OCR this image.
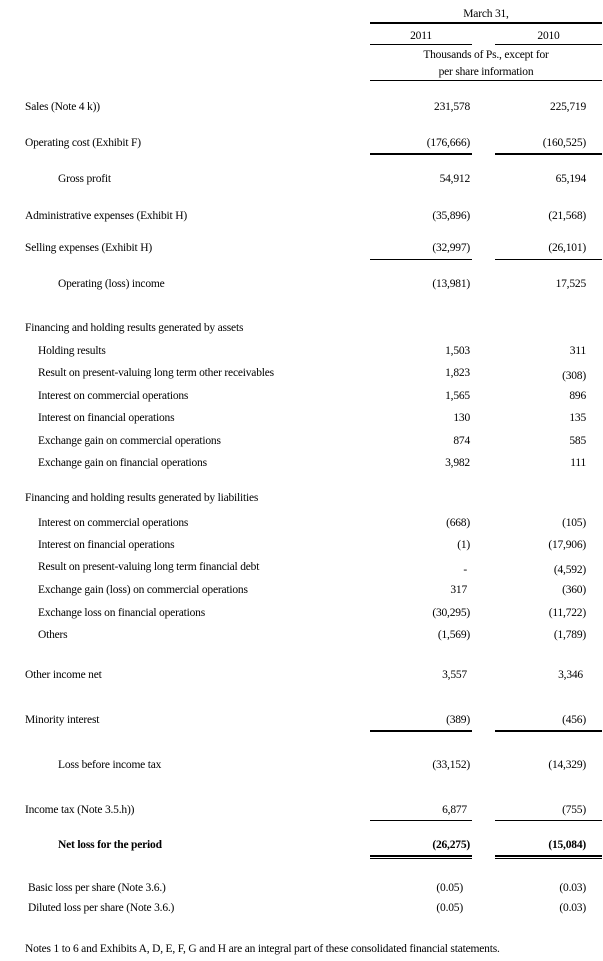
March 31,
2011	2010
Thousands of Ps., except for
per share information
Sales (Note 4 k))	231,578	225,719
Operating cost (Exhibit F)	(176,666)	(160,525)
Gross profit	54,912	65,194
Administrative expenses (Exhibit H)	(35,896)	(21,568)
Selling expenses (Exhibit H)	(32,997)	(26,101)
Operating (loss) income	(13,981)	17,525
Financing and holding results generated by assets
Holding results	1,503	311
Result on present-valuing long term other receivables	1,823	(308)
Interest on commercial operations	1,565	896
Interest on financial operations	130	135
Exchange gain on commercial operations	874	585
Exchange gain on financial operations	3,982	111
Financing and holding results generated by liabilities
Interest on commercial operations	(668)	(105)
Interest on financial operations	(1)	(17,906)
Result on present-valuing long term financial debt	-	(4,592)
Exchange gain (loss) on commercial operations	317	(360)
Exchange loss on financial operations	(30,295)	(11,722)
Others	(1,569)	(1,789)
Other income net	3,557	3,346
Minority interest	(389)	(456)
Loss before income tax	(33,152)	(14,329)
Income tax (Note 3.5.h))	6,877	(755)
Net loss for the period	(26,275)	(15,084)
Basic loss per share (Note 3.6.)	(0.05)	(0.03)
Diluted loss per share (Note 3.6.)	(0.05)	(0.03)
Notes 1 to 6 and Exhibits A, D, E, F, G and H are an integral part of these consolidated financial statements.
